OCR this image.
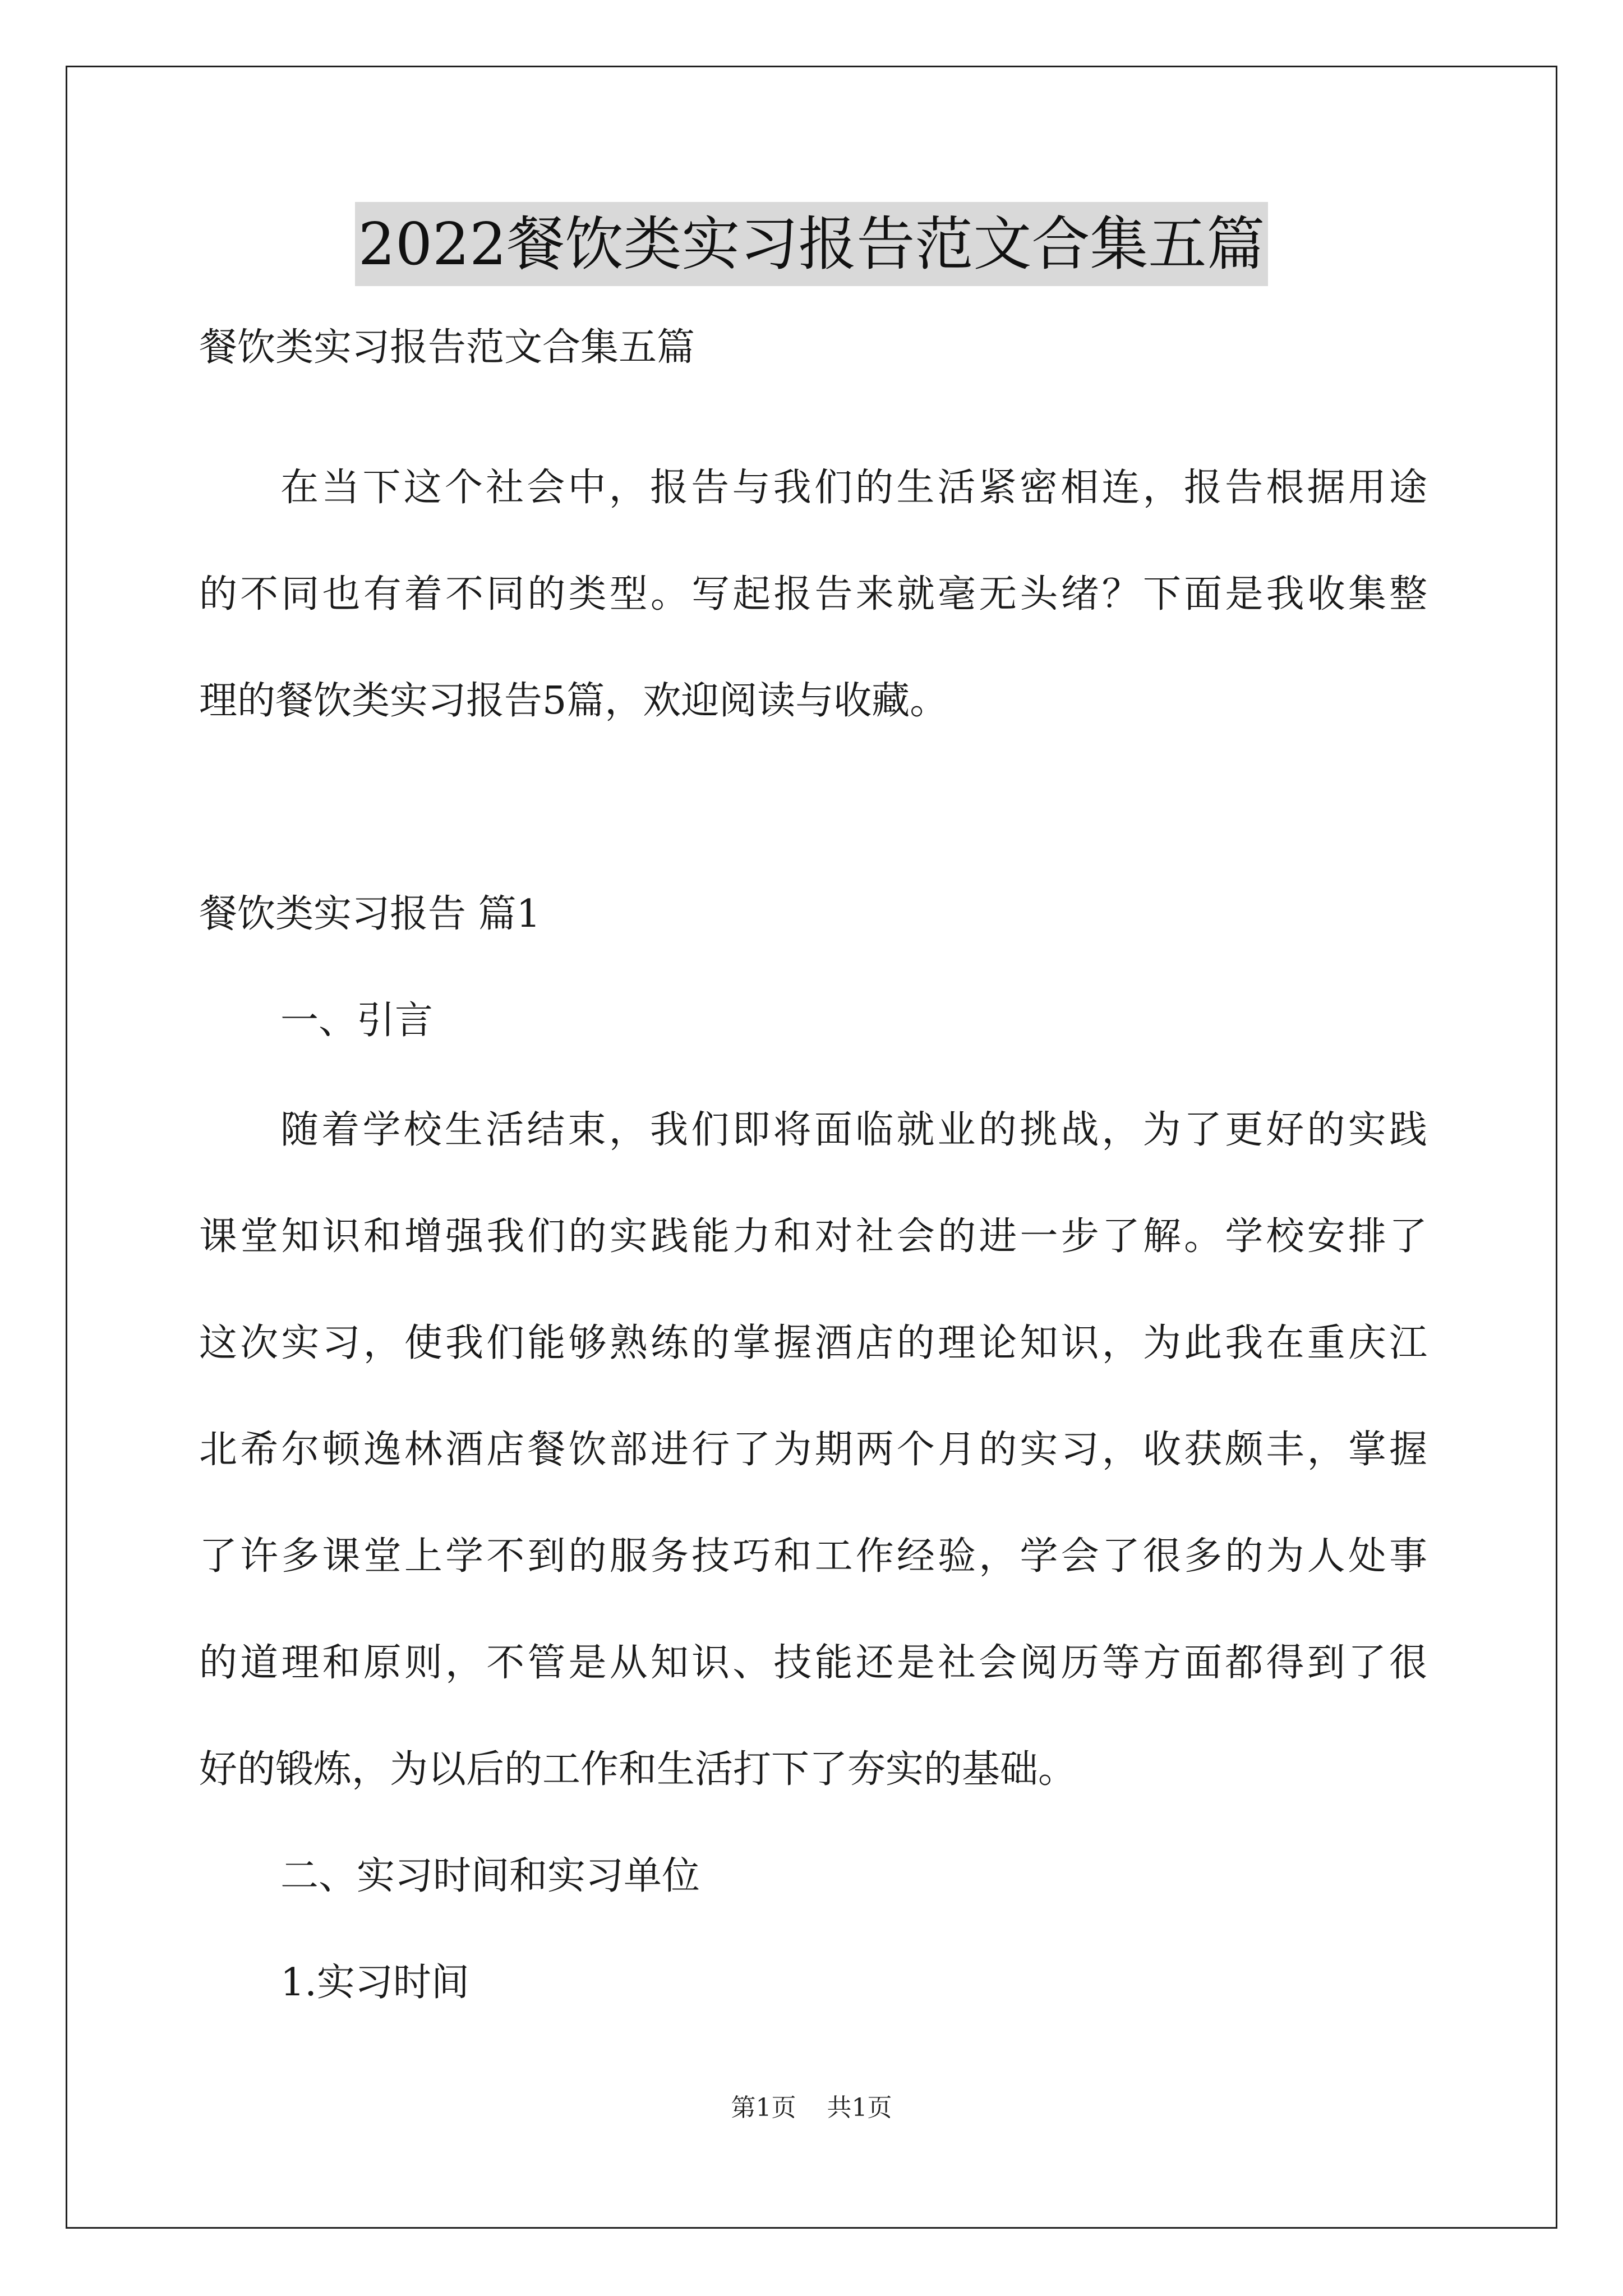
2022餐饮类实习报告范文合集五篇
餐饮类实习报告范文合集五篇
在当下这个社会中，报告与我们的生活紧密相连，报告根据用途
的不同也有着不同的类型。写起报告来就毫无头绪？下面是我收集整
理的餐饮类实习报告5篇，欢迎阅读与收藏。
餐饮类实习报告 篇1
一、引言
随着学校生活结束，我们即将面临就业的挑战，为了更好的实践
课堂知识和增强我们的实践能力和对社会的进一步了解。学校安排了
这次实习，使我们能够熟练的掌握酒店的理论知识，为此我在重庆江
北希尔顿逸林酒店餐饮部进行了为期两个月的实习，收获颇丰，掌握
了许多课堂上学不到的服务技巧和工作经验，学会了很多的为人处事
的道理和原则，不管是从知识、技能还是社会阅历等方面都得到了很
好的锻炼，为以后的工作和生活打下了夯实的基础。
二、实习时间和实习单位
1.实习时间
第1页 共1页
